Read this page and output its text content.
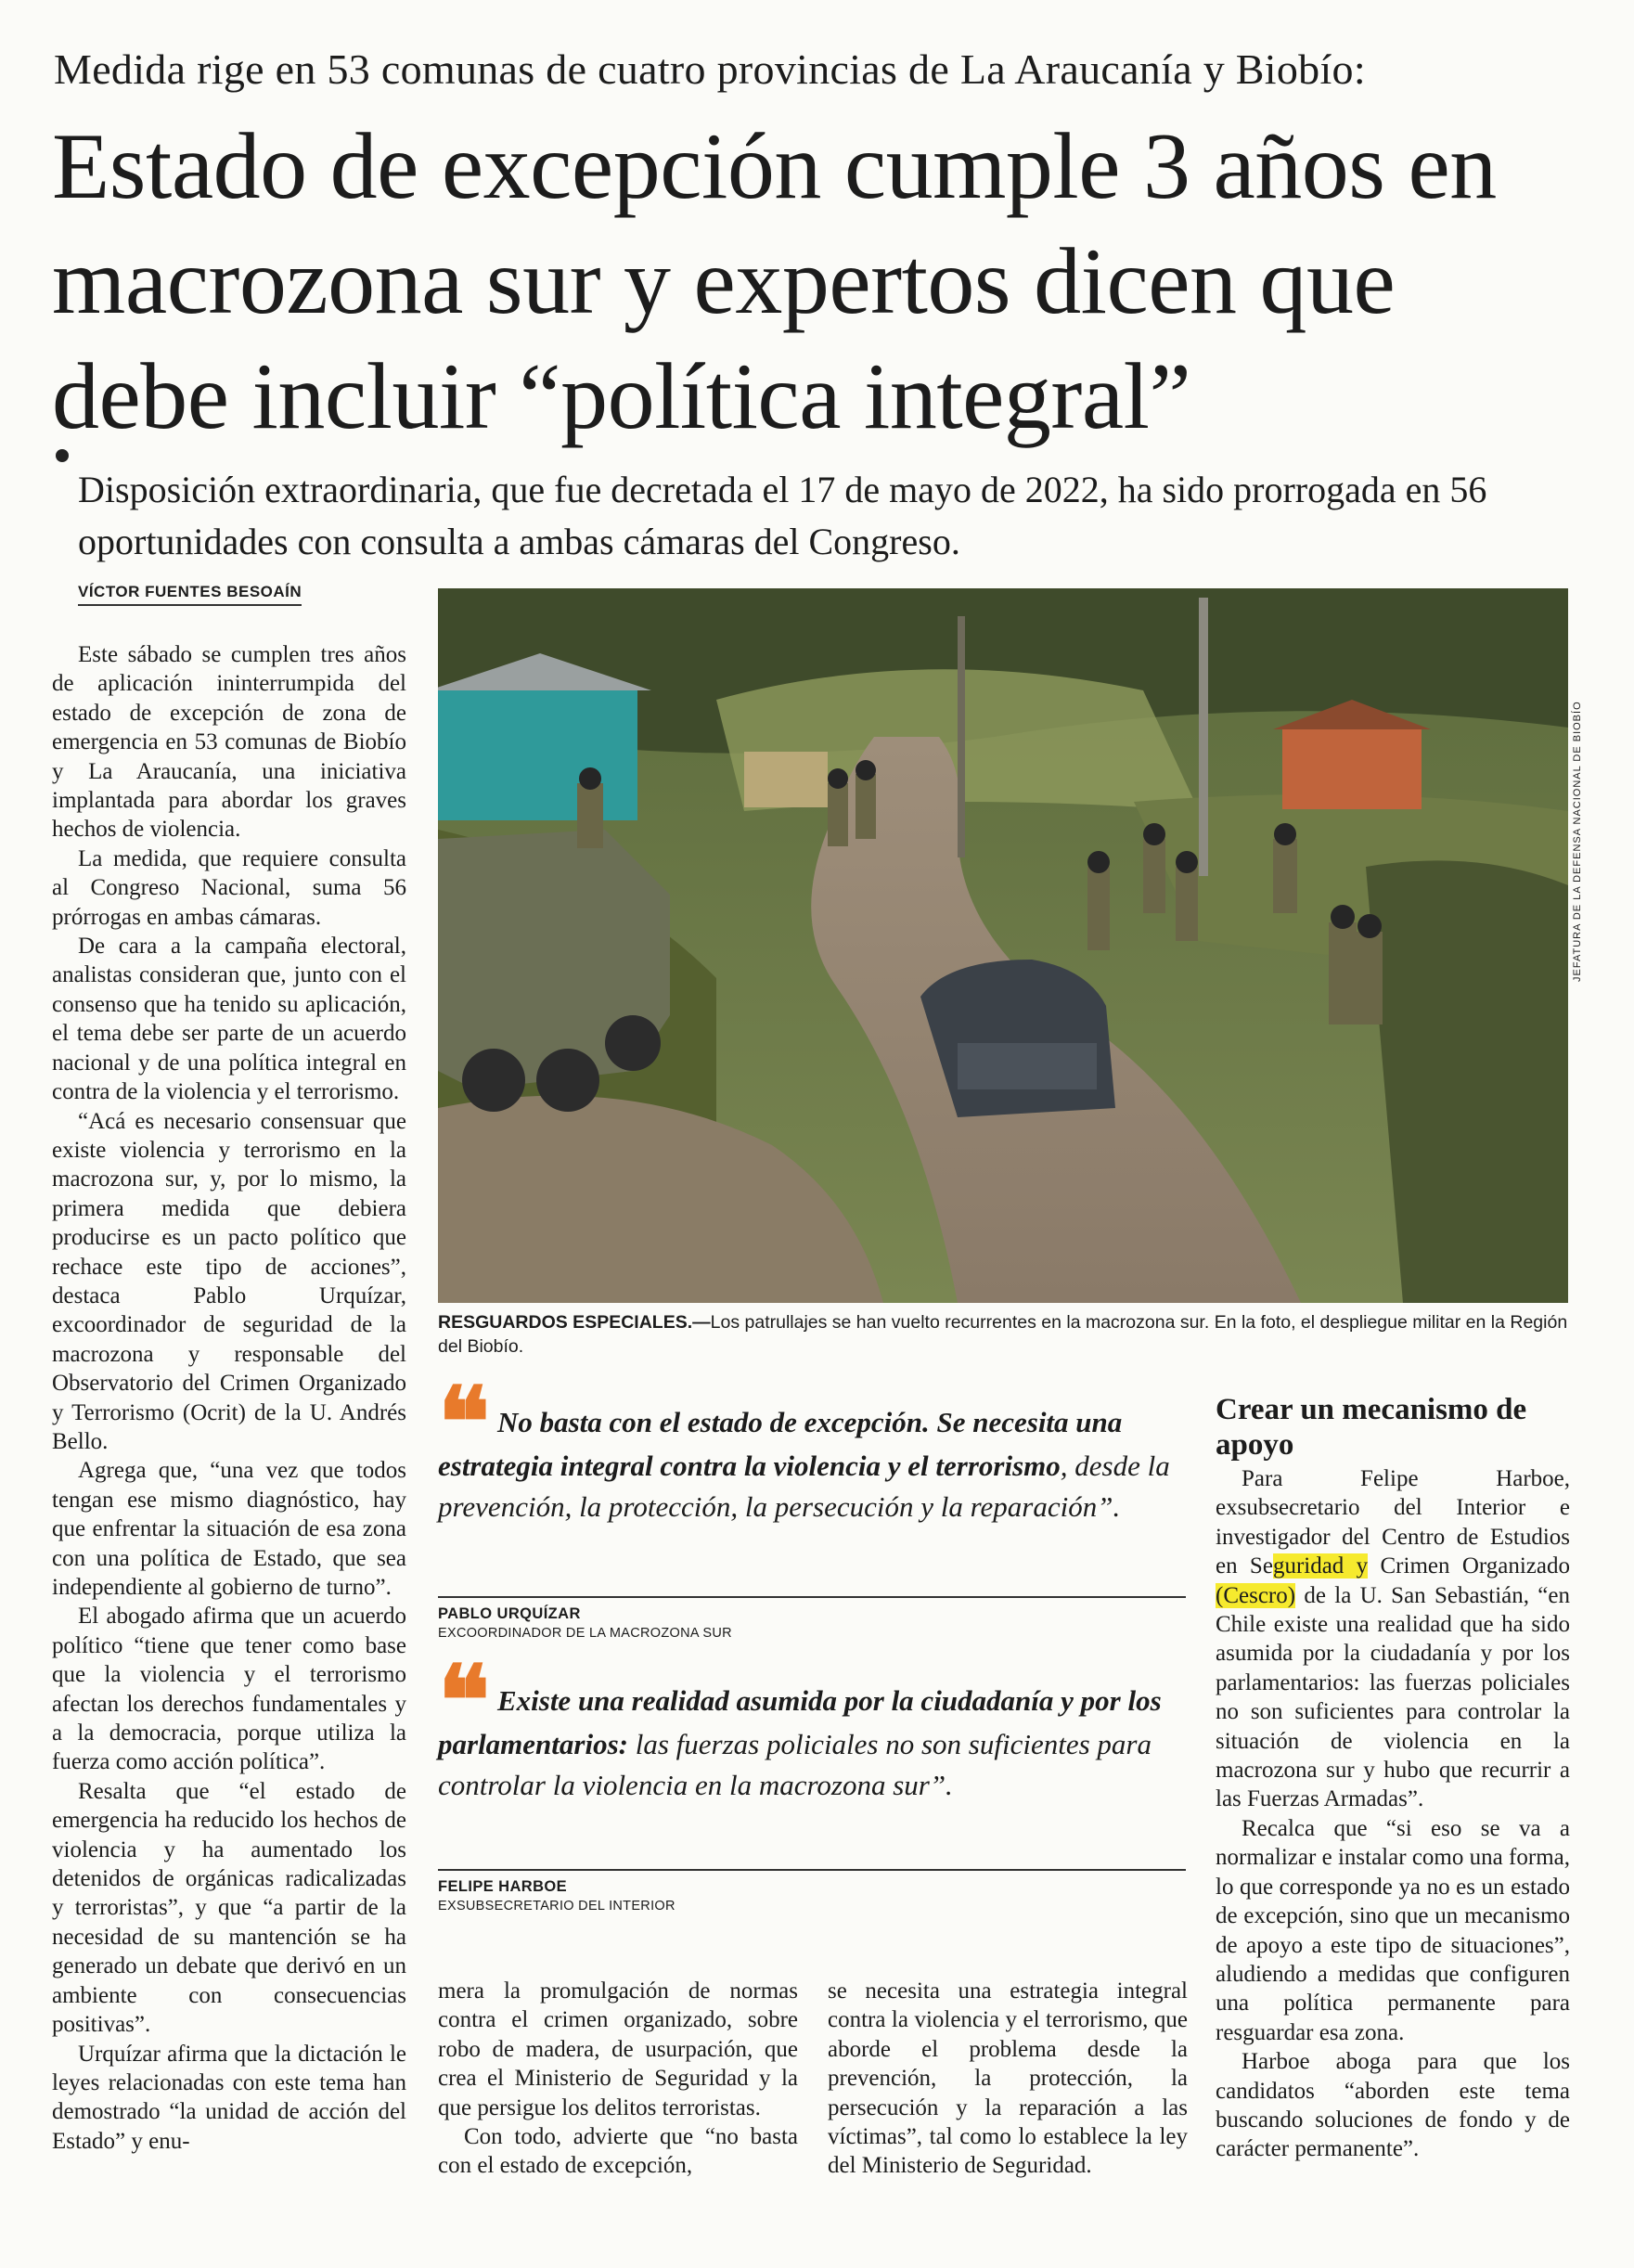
Medida rige en 53 comunas de cuatro provincias de La Araucanía y Biobío:
Estado de excepción cumple 3 años en macrozona sur y expertos dicen que debe incluir “política integral”
Disposición extraordinaria, que fue decretada el 17 de mayo de 2022, ha sido prorrogada en 56 oportunidades con consulta a ambas cámaras del Congreso.
VÍCTOR FUENTES BESOAÍN

Este sábado se cumplen tres años de aplicación ininterrumpida del estado de excepción de zona de emergencia en 53 comunas de Biobío y La Araucanía, una iniciativa implantada para abordar los graves hechos de violencia.

La medida, que requiere consulta al Congreso Nacional, suma 56 prórrogas en ambas cámaras.

De cara a la campaña electoral, analistas consideran que, junto con el consenso que ha tenido su aplicación, el tema debe ser parte de un acuerdo nacional y de una política integral en contra de la violencia y el terrorismo.

“Acá es necesario consensuar que existe violencia y terrorismo en la macrozona sur, y, por lo mismo, la primera medida que debiera producirse es un pacto político que rechace este tipo de acciones”, destaca Pablo Urquízar, excoordinador de seguridad de la macrozona y responsable del Observatorio del Crimen Organizado y Terrorismo (Ocrit) de la U. Andrés Bello.

Agrega que, “una vez que todos tengan ese mismo diagnóstico, hay que enfrentar la situación de esa zona con una política de Estado, que sea independiente al gobierno de turno”.

El abogado afirma que un acuerdo político “tiene que tener como base que la violencia y el terrorismo afectan los derechos fundamentales y a la democracia, porque utiliza la fuerza como acción política”.

Resalta que “el estado de emergencia ha reducido los hechos de violencia y ha aumentado los detenidos de orgánicas radicalizadas y terroristas”, y que “a partir de la necesidad de su mantención se ha generado un debate que derivó en un ambiente con consecuencias positivas”.

Urquízar afirma que la dictación le leyes relacionadas con este tema han demostrado “la unidad de acción del Estado” y enu-

JEFATURA DE LA DEFENSA NACIONAL DE BIOBÍO
RESGUARDOS ESPECIALES.—Los patrullajes se han vuelto recurrentes en la macrozona sur. En la foto, el despliegue militar en la Región del Biobío.
❝ No basta con el estado de excepción. Se necesita una estrategia integral contra la violencia y el terrorismo, desde la prevención, la protección, la persecución y la reparación”.
PABLO URQUÍZAR
EXCOORDINADOR DE LA MACROZONA SUR
❝ Existe una realidad asumida por la ciudadanía y por los parlamentarios: las fuerzas policiales no son suficientes para controlar la violencia en la macrozona sur”.
FELIPE HARBOE
EXSUBSECRETARIO DEL INTERIOR

mera la promulgación de normas contra el crimen organizado, sobre robo de madera, de usurpación, que crea el Ministerio de Seguridad y la que persigue los delitos terroristas.

Con todo, advierte que “no basta con el estado de excepción,

se necesita una estrategia integral contra la violencia y el terrorismo, que aborde el problema desde la prevención, la protección, la persecución y la reparación a las víctimas”, tal como lo establece la ley del Ministerio de Seguridad.

Crear un mecanismo de apoyo

Para Felipe Harboe, exsubsecretario del Interior e investigador del Centro de Estudios en Seguridad y Crimen Organizado (Cescro) de la U. San Sebastián, “en Chile existe una realidad que ha sido asumida por la ciudadanía y por los parlamentarios: las fuerzas policiales no son suficientes para controlar la situación de violencia en la macrozona sur y hubo que recurrir a las Fuerzas Armadas”.

Recalca que “si eso se va a normalizar e instalar como una forma, lo que corresponde ya no es un estado de excepción, sino que un mecanismo de apoyo a este tipo de situaciones”, aludiendo a medidas que configuren una política permanente para resguardar esa zona.

Harboe aboga para que los candidatos “aborden este tema buscando soluciones de fondo y de carácter permanente”.
